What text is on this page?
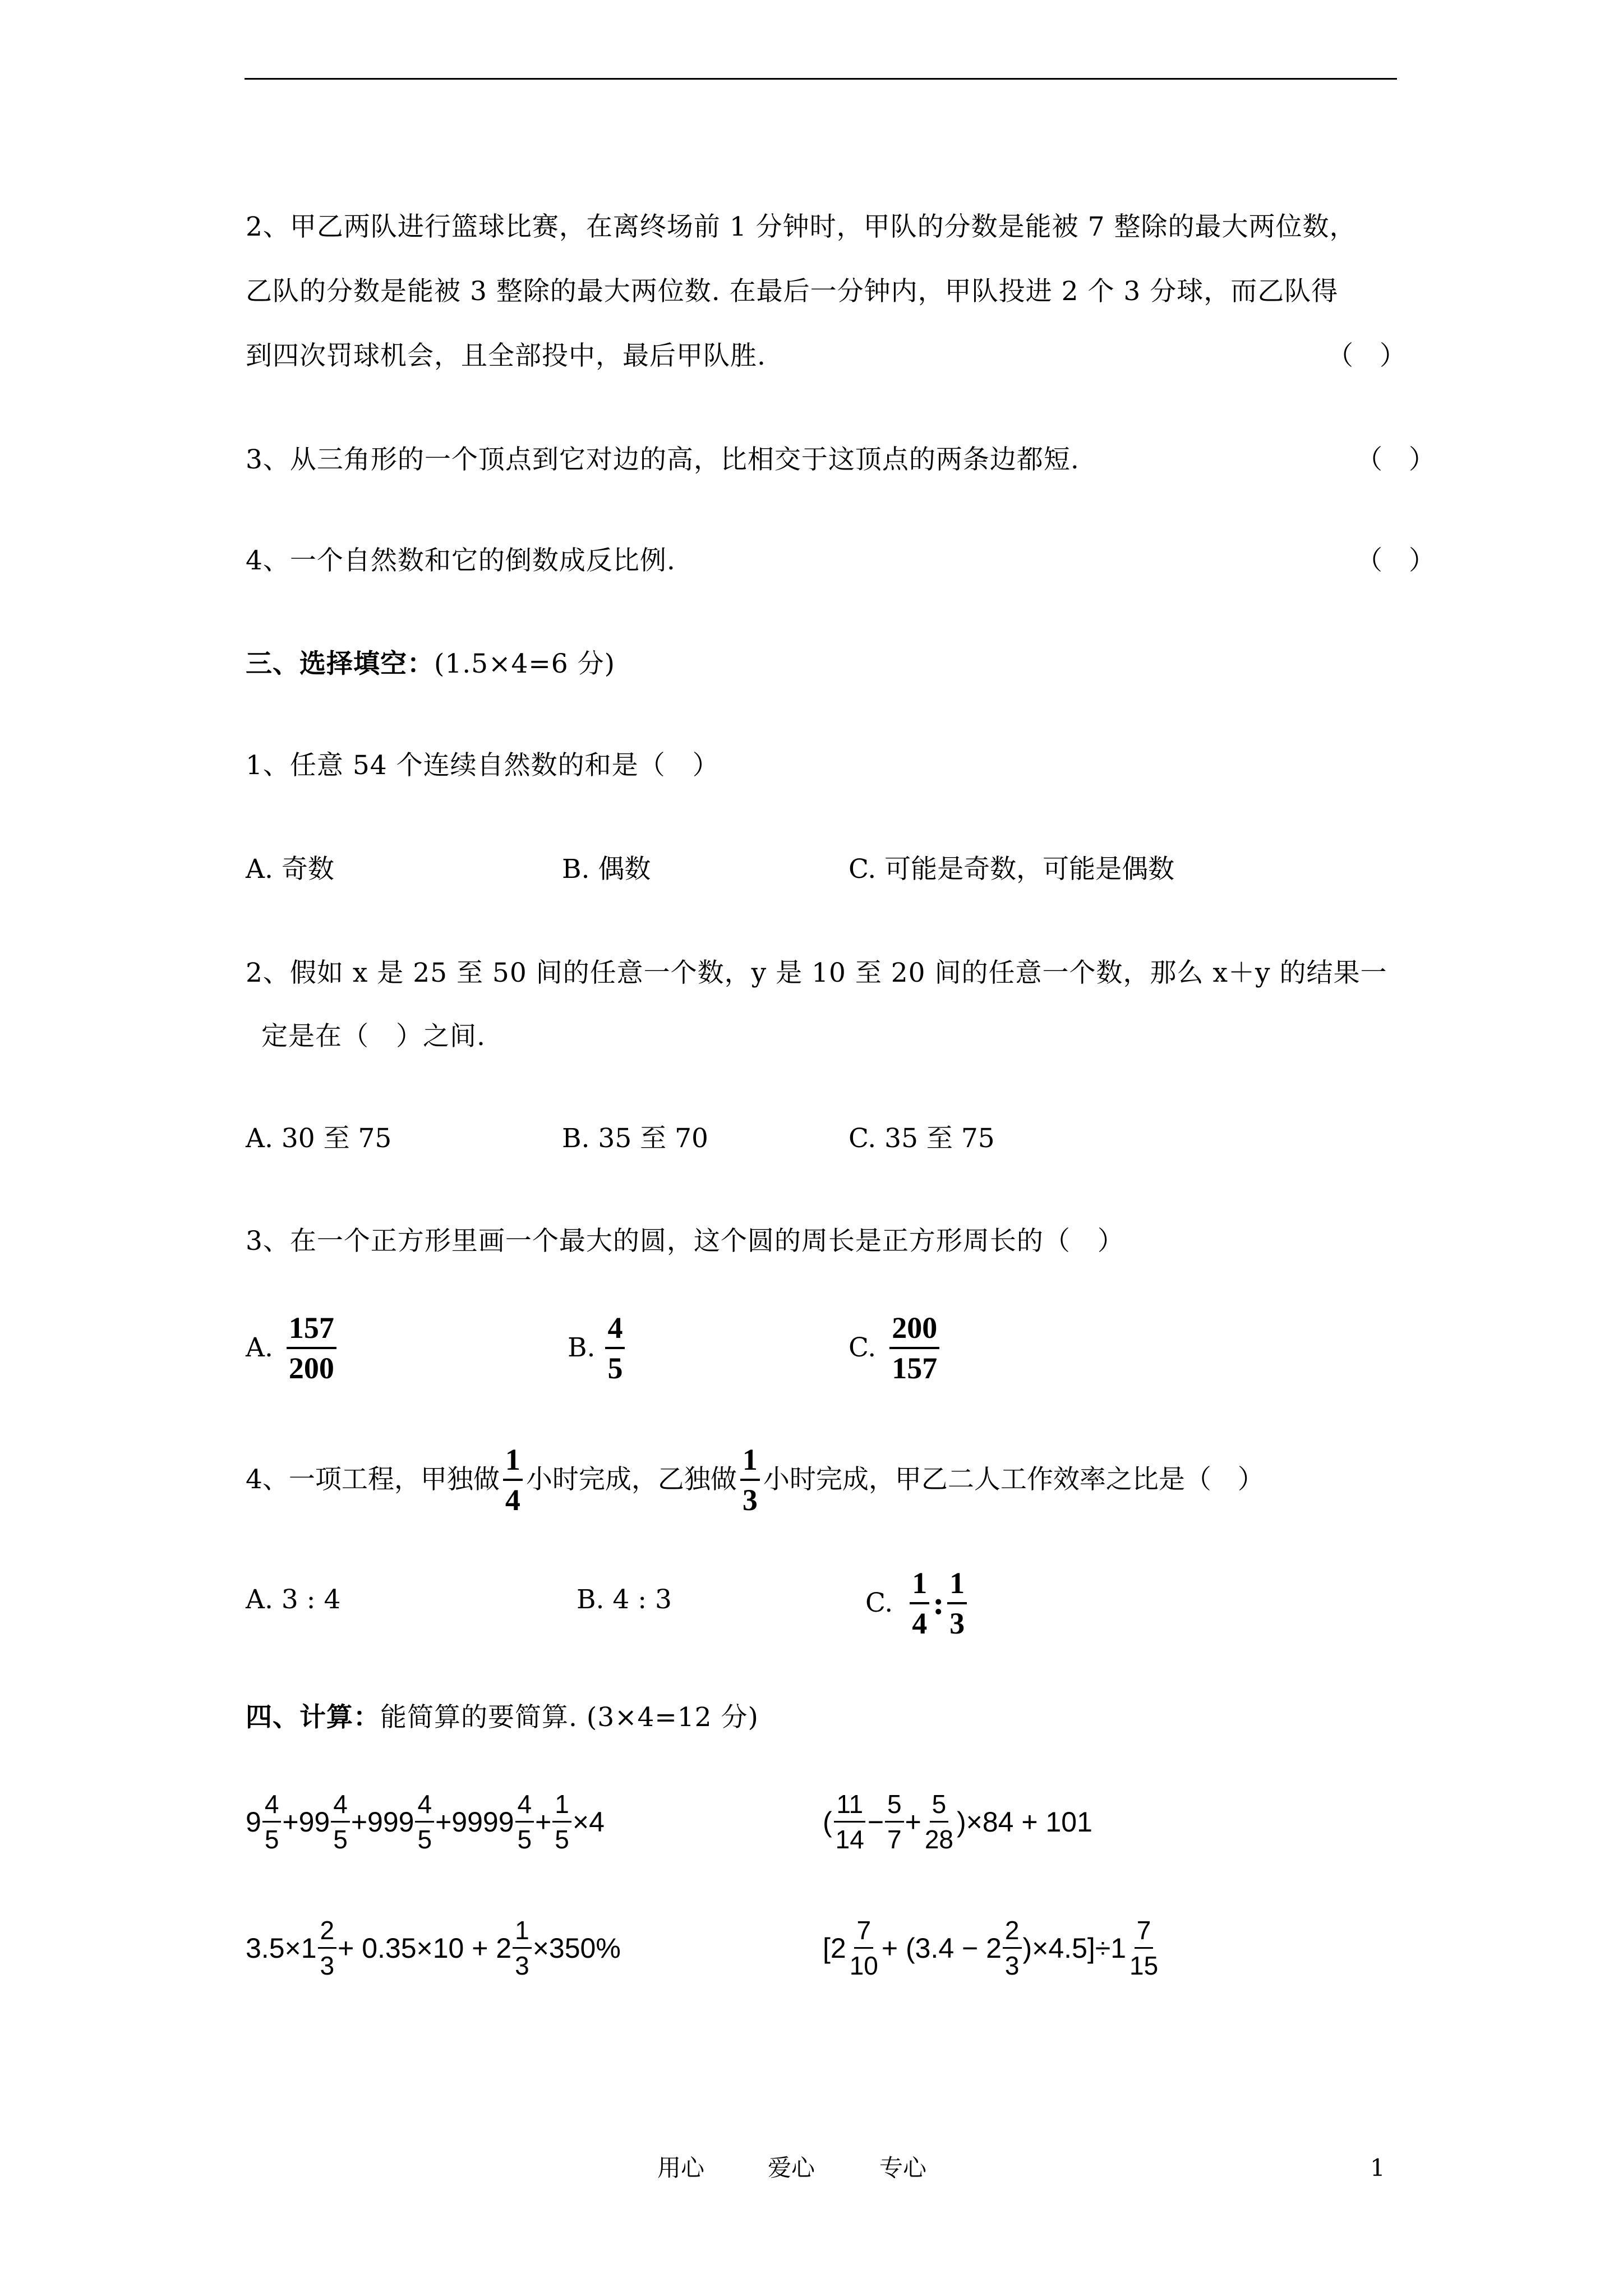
2、甲乙两队进行篮球比赛，在离终场前 1 分钟时，甲队的分数是能被 7 整除的最大两位数，
乙队的分数是能被 3 整除的最大两位数. 在最后一分钟内，甲队投进 2 个 3 分球，而乙队得
到四次罚球机会，且全部投中，最后甲队胜.	（　）
3、从三角形的一个顶点到它对边的高，比相交于这顶点的两条边都短.	（　）
4、一个自然数和它的倒数成反比例.	（　）
三、选择填空：(1.5×4=6 分)
1、任意 54 个连续自然数的和是（　）
A. 奇数	B. 偶数	C. 可能是奇数，可能是偶数
2、假如 x 是 25 至 50 间的任意一个数，y 是 10 至 20 间的任意一个数，那么 x＋y 的结果一
定是在（　）之间.
A. 30 至 75	B. 35 至 70	C. 35 至 75
3、在一个正方形里画一个最大的圆，这个圆的周长是正方形周长的（　）
A. $\frac{157}{200}$	B. $\frac{4}{5}$	C. $\frac{200}{157}$
4、一项工程，甲独做 $\frac{1}{4}$ 小时完成，乙独做 $\frac{1}{3}$ 小时完成，甲乙二人工作效率之比是（　）
A. 3 : 4	B. 4 : 3	C. $\frac{1}{4}$ : $\frac{1}{3}$
四、计算：能简算的要简算. (3×4=12 分)
$9 \frac{4}{5} + 99 \frac{4}{5} + 999 \frac{4}{5} + 9999 \frac{4}{5} + \frac{1}{5} \times 4$	( $\frac{11}{14} - \frac{5}{7} + \frac{5}{28} )\times 84 + 101$
$3.5\times 1 \frac{2}{3} + 0.35\times 10 + 2 \frac{1}{3} \times 350\%$	$[2 \frac{7}{10} + (3.4 - 2 \frac{2}{3} )\times 4.5]\div 1 \frac{7}{15}$
用心	爱心	专心	1
